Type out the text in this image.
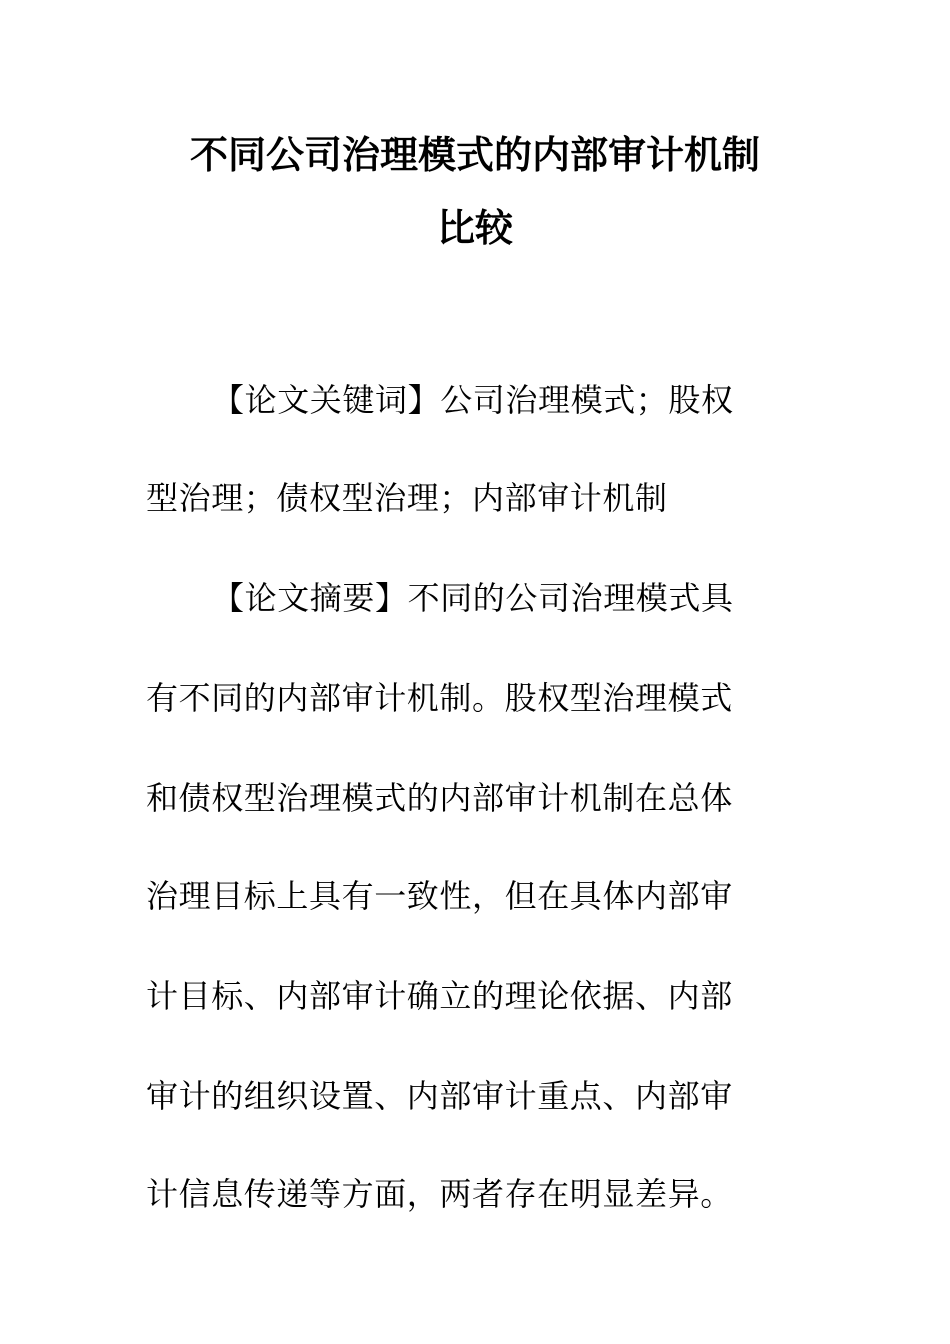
不同公司治理模式的内部审计机制
比较
【论文关键词】公司治理模式；股权
型治理；债权型治理；内部审计机制
【论文摘要】不同的公司治理模式具
有不同的内部审计机制。股权型治理模式
和债权型治理模式的内部审计机制在总体
治理目标上具有一致性，但在具体内部审
计目标、内部审计确立的理论依据、内部
审计的组织设置、内部审计重点、内部审
计信息传递等方面，两者存在明显差异。
